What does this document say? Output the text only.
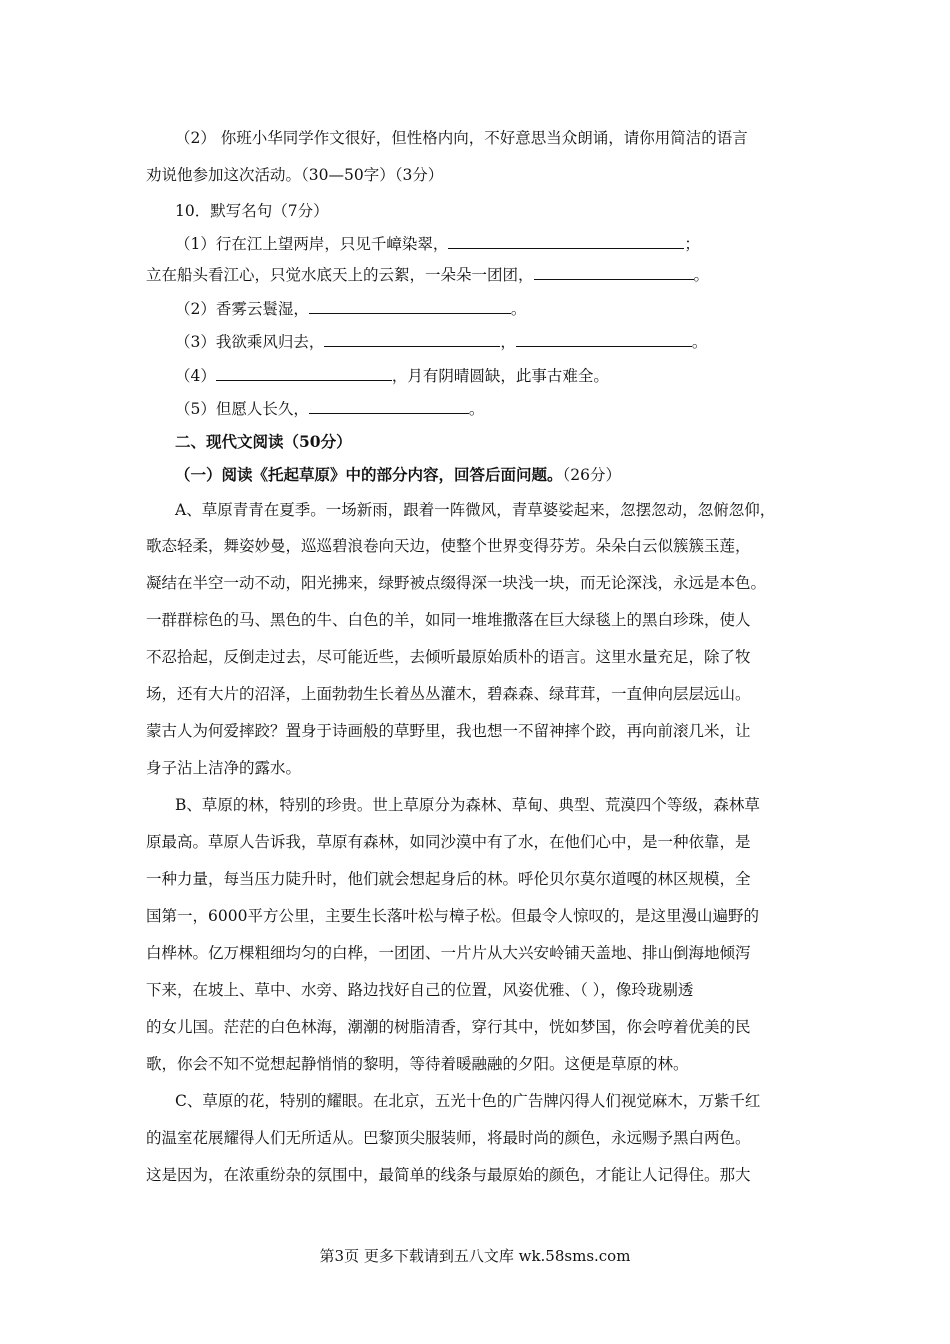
（2） 你班小华同学作文很好，但性格内向，不好意思当众朗诵，请你用简洁的语言
劝说他参加这次活动。（30—50字）（3分）
10．默写名句（7分）
（1）行在江上望两岸，只见千嶂染翠，	；
立在船头看江心，只觉水底天上的云絮，一朵朵一团团，	。
（2）香雾云鬟湿，	。
（3）我欲乘风归去，	，	。
（4）	，月有阴晴圆缺，此事古难全。
（5）但愿人长久，	。
二、现代文阅读（50分）
（一）阅读《托起草原》中的部分内容，回答后面问题。（26分）
A、草原青青在夏季。一场新雨，跟着一阵微风，青草婆娑起来，忽摆忽动，忽俯忽仰，
歌态轻柔，舞姿妙曼，巡巡碧浪卷向天边，使整个世界变得芬芳。朵朵白云似簇簇玉莲，
凝结在半空一动不动，阳光拂来，绿野被点缀得深一块浅一块，而无论深浅，永远是本色。
一群群棕色的马、黑色的牛、白色的羊，如同一堆堆撒落在巨大绿毯上的黑白珍珠，使人
不忍拾起，反倒走过去，尽可能近些，去倾听最原始质朴的语言。这里水量充足，除了牧
场，还有大片的沼泽，上面勃勃生长着丛丛灌木，碧森森、绿茸茸，一直伸向层层远山。
蒙古人为何爱摔跤？置身于诗画般的草野里，我也想一不留神摔个跤，再向前滚几米，让
身子沾上洁净的露水。
B、草原的林，特别的珍贵。世上草原分为森林、草甸、典型、荒漠四个等级，森林草
原最高。草原人告诉我，草原有森林，如同沙漠中有了水，在他们心中，是一种依靠，是
一种力量，每当压力陡升时，他们就会想起身后的林。呼伦贝尔莫尔道嘎的林区规模，全
国第一，6000平方公里，主要生长落叶松与樟子松。但最令人惊叹的，是这里漫山遍野的
白桦林。亿万棵粗细均匀的白桦，一团团、一片片从大兴安岭铺天盖地、排山倒海地倾泻
下来，在坡上、草中、水旁、路边找好自己的位置，风姿优雅、（ ），像玲珑剔透
的女儿国。茫茫的白色林海，潮潮的树脂清香，穿行其中，恍如梦国，你会哼着优美的民
歌，你会不知不觉想起静悄悄的黎明，等待着暖融融的夕阳。这便是草原的林。
C、草原的花，特别的耀眼。在北京，五光十色的广告牌闪得人们视觉麻木，万紫千红
的温室花展耀得人们无所适从。巴黎顶尖服装师，将最时尚的颜色，永远赐予黑白两色。
这是因为，在浓重纷杂的氛围中，最简单的线条与最原始的颜色，才能让人记得住。那大
第3页 更多下载请到五八文库 wk.58sms.com
